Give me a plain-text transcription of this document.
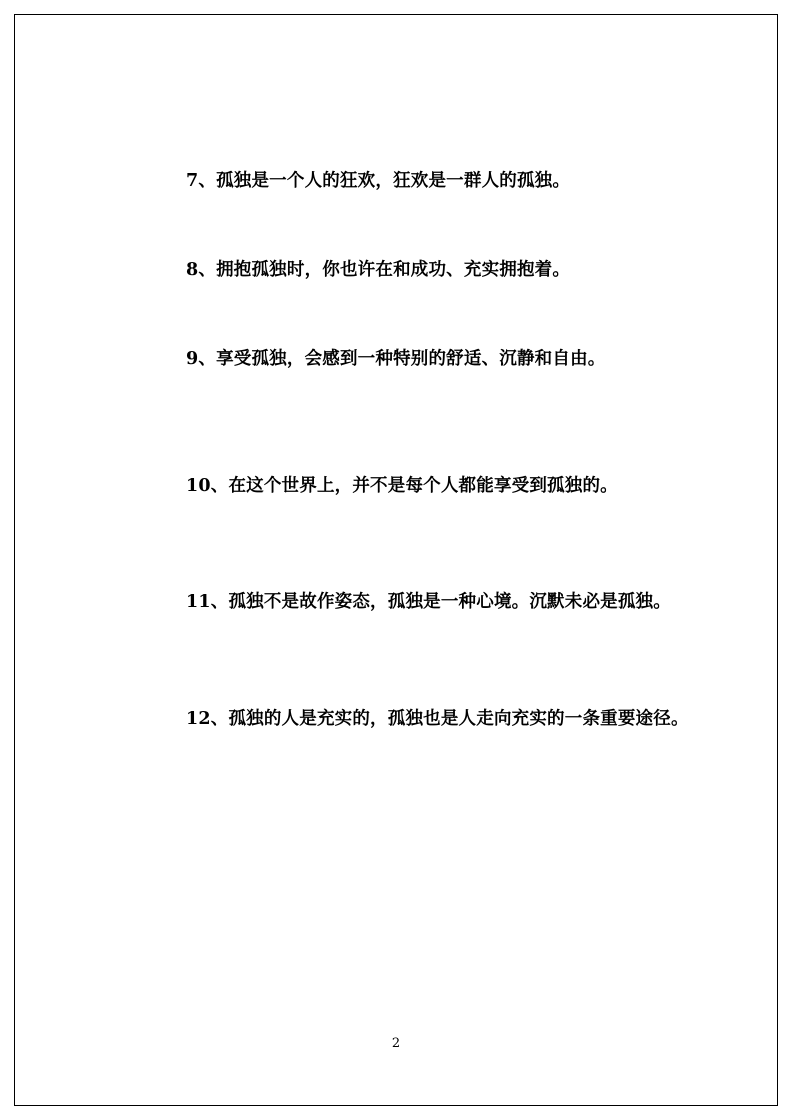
7、孤独是一个人的狂欢，狂欢是一群人的孤独。

8、拥抱孤独时，你也许在和成功、充实拥抱着。

9、享受孤独，会感到一种特别的舒适、沉静和自由。

10、在这个世界上，并不是每个人都能享受到孤独的。

11、孤独不是故作姿态，孤独是一种心境。沉默未必是孤独。

12、孤独的人是充实的，孤独也是人走向充实的一条重要途径。

2
